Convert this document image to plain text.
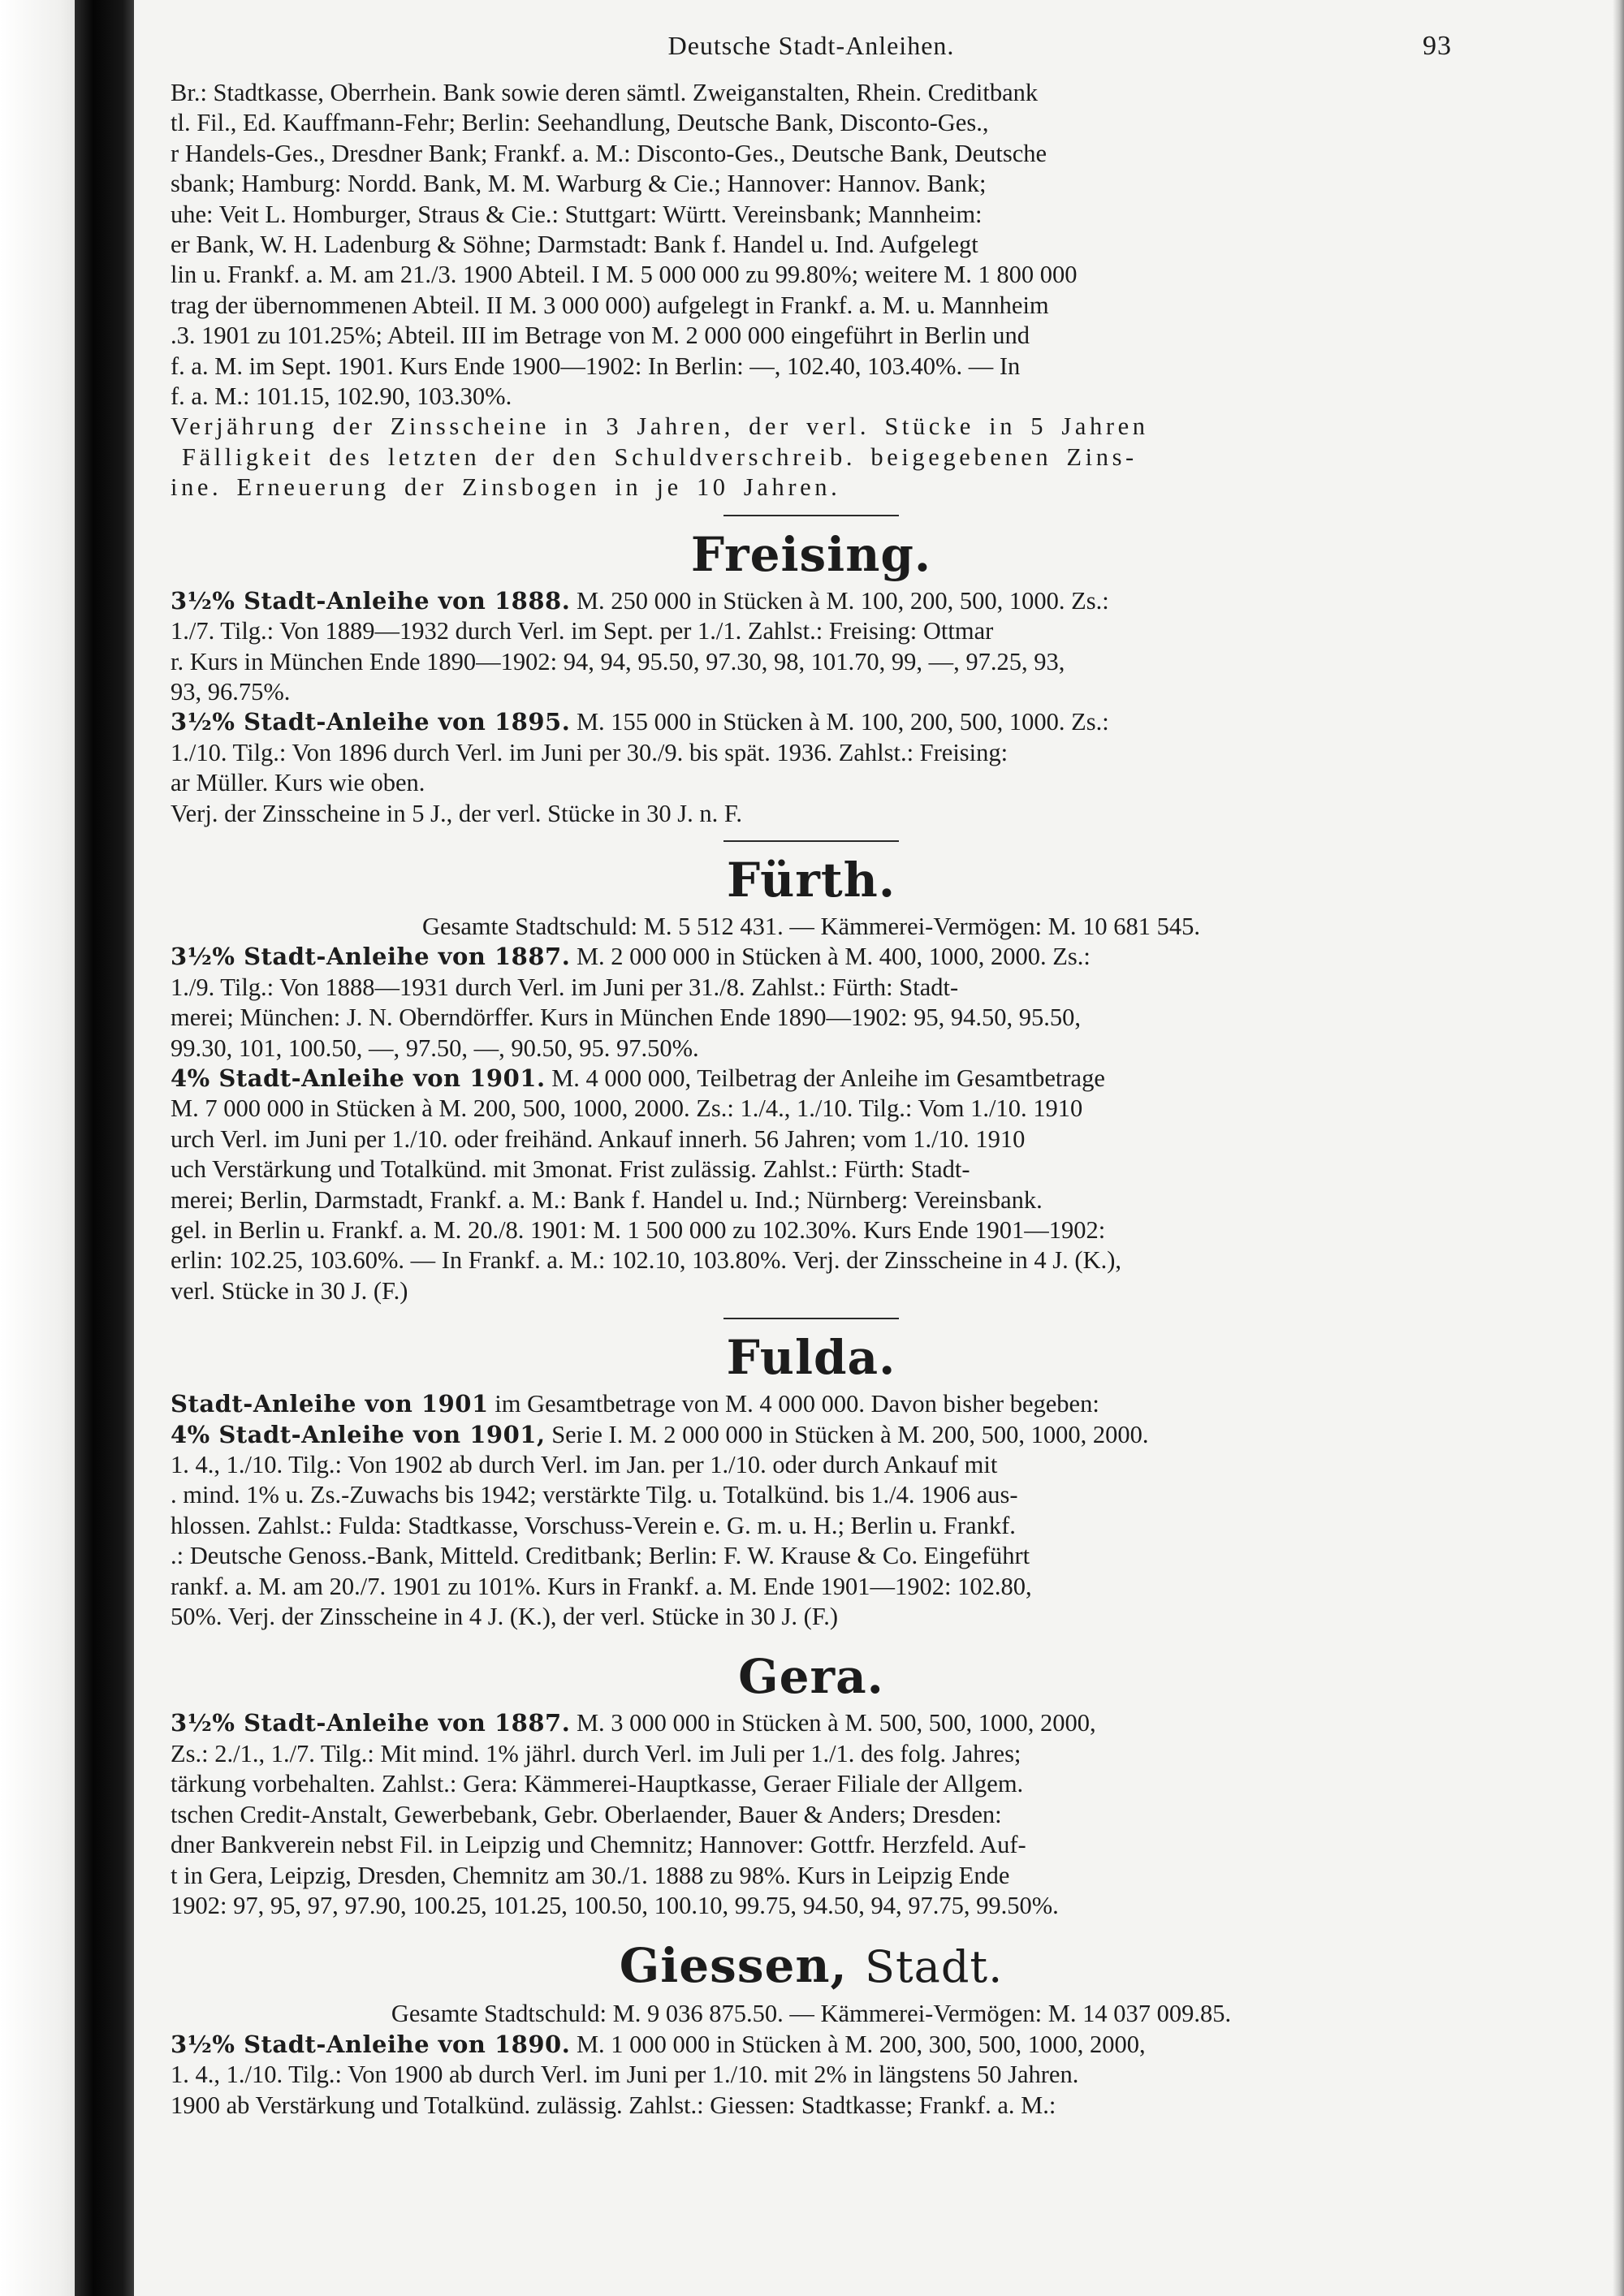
Deutsche Stadt-Anleihen.	93

Br.: Stadtkasse, Oberrhein. Bank sowie deren sämtl. Zweiganstalten, Rhein. Creditbank

tl. Fil., Ed. Kauffmann-Fehr; Berlin: Seehandlung, Deutsche Bank, Disconto-Ges.,

r Handels-Ges., Dresdner Bank; Frankf. a. M.: Disconto-Ges., Deutsche Bank, Deutsche

sbank; Hamburg: Nordd. Bank, M. M. Warburg & Cie.; Hannover: Hannov. Bank;

uhe: Veit L. Homburger, Straus & Cie.: Stuttgart: Württ. Vereinsbank; Mannheim:

er Bank, W. H. Ladenburg & Söhne; Darmstadt: Bank f. Handel u. Ind. Aufgelegt

lin u. Frankf. a. M. am 21./3. 1900 Abteil. I M. 5 000 000 zu 99.80%; weitere M. 1 800 000

trag der übernommenen Abteil. II M. 3 000 000) aufgelegt in Frankf. a. M. u. Mannheim

.3. 1901 zu 101.25%; Abteil. III im Betrage von M. 2 000 000 eingeführt in Berlin und

f. a. M. im Sept. 1901. Kurs Ende 1900—1902: In Berlin: —, 102.40, 103.40%. — In

f. a. M.: 101.15, 102.90, 103.30%.

Verjährung der Zinsscheine in 3 Jahren, der verl. Stücke in 5 Jahren

Fälligkeit des letzten der den Schuldverschreib. beigegebenen Zins-

ine. Erneuerung der Zinsbogen in je 10 Jahren.

Freising.

3½% Stadt-Anleihe von 1888. M. 250 000 in Stücken à M. 100, 200, 500, 1000. Zs.:

1./7. Tilg.: Von 1889—1932 durch Verl. im Sept. per 1./1. Zahlst.: Freising: Ottmar

r. Kurs in München Ende 1890—1902: 94, 94, 95.50, 97.30, 98, 101.70, 99, —, 97.25, 93,

93, 96.75%.

3½% Stadt-Anleihe von 1895. M. 155 000 in Stücken à M. 100, 200, 500, 1000. Zs.:

1./10. Tilg.: Von 1896 durch Verl. im Juni per 30./9. bis spät. 1936. Zahlst.: Freising:

ar Müller. Kurs wie oben.

Verj. der Zinsscheine in 5 J., der verl. Stücke in 30 J. n. F.

Fürth.

Gesamte Stadtschuld: M. 5 512 431. — Kämmerei-Vermögen: M. 10 681 545.

3½% Stadt-Anleihe von 1887. M. 2 000 000 in Stücken à M. 400, 1000, 2000. Zs.:

1./9. Tilg.: Von 1888—1931 durch Verl. im Juni per 31./8. Zahlst.: Fürth: Stadt-

merei; München: J. N. Oberndörffer. Kurs in München Ende 1890—1902: 95, 94.50, 95.50,

99.30, 101, 100.50, —, 97.50, —, 90.50, 95. 97.50%.

4% Stadt-Anleihe von 1901. M. 4 000 000, Teilbetrag der Anleihe im Gesamtbetrage

M. 7 000 000 in Stücken à M. 200, 500, 1000, 2000. Zs.: 1./4., 1./10. Tilg.: Vom 1./10. 1910

urch Verl. im Juni per 1./10. oder freihänd. Ankauf innerh. 56 Jahren; vom 1./10. 1910

uch Verstärkung und Totalkünd. mit 3monat. Frist zulässig. Zahlst.: Fürth: Stadt-

merei; Berlin, Darmstadt, Frankf. a. M.: Bank f. Handel u. Ind.; Nürnberg: Vereinsbank.

gel. in Berlin u. Frankf. a. M. 20./8. 1901: M. 1 500 000 zu 102.30%. Kurs Ende 1901—1902:

erlin: 102.25, 103.60%. — In Frankf. a. M.: 102.10, 103.80%. Verj. der Zinsscheine in 4 J. (K.),

verl. Stücke in 30 J. (F.)

Fulda.

Stadt-Anleihe von 1901 im Gesamtbetrage von M. 4 000 000. Davon bisher begeben:

4% Stadt-Anleihe von 1901, Serie I. M. 2 000 000 in Stücken à M. 200, 500, 1000, 2000.

1. 4., 1./10. Tilg.: Von 1902 ab durch Verl. im Jan. per 1./10. oder durch Ankauf mit

. mind. 1% u. Zs.-Zuwachs bis 1942; verstärkte Tilg. u. Totalkünd. bis 1./4. 1906 aus-

hlossen. Zahlst.: Fulda: Stadtkasse, Vorschuss-Verein e. G. m. u. H.; Berlin u. Frankf.

.: Deutsche Genoss.-Bank, Mitteld. Creditbank; Berlin: F. W. Krause & Co. Eingeführt

rankf. a. M. am 20./7. 1901 zu 101%. Kurs in Frankf. a. M. Ende 1901—1902: 102.80,

50%. Verj. der Zinsscheine in 4 J. (K.), der verl. Stücke in 30 J. (F.)

Gera.

3½% Stadt-Anleihe von 1887. M. 3 000 000 in Stücken à M. 500, 500, 1000, 2000,

Zs.: 2./1., 1./7. Tilg.: Mit mind. 1% jährl. durch Verl. im Juli per 1./1. des folg. Jahres;

tärkung vorbehalten. Zahlst.: Gera: Kämmerei-Hauptkasse, Geraer Filiale der Allgem.

tschen Credit-Anstalt, Gewerbebank, Gebr. Oberlaender, Bauer & Anders; Dresden:

dner Bankverein nebst Fil. in Leipzig und Chemnitz; Hannover: Gottfr. Herzfeld. Auf-

t in Gera, Leipzig, Dresden, Chemnitz am 30./1. 1888 zu 98%. Kurs in Leipzig Ende

1902: 97, 95, 97, 97.90, 100.25, 101.25, 100.50, 100.10, 99.75, 94.50, 94, 97.75, 99.50%.

Giessen, Stadt.

Gesamte Stadtschuld: M. 9 036 875.50. — Kämmerei-Vermögen: M. 14 037 009.85.

3½% Stadt-Anleihe von 1890. M. 1 000 000 in Stücken à M. 200, 300, 500, 1000, 2000,

1. 4., 1./10. Tilg.: Von 1900 ab durch Verl. im Juni per 1./10. mit 2% in längstens 50 Jahren.

1900 ab Verstärkung und Totalkünd. zulässig. Zahlst.: Giessen: Stadtkasse; Frankf. a. M.:
